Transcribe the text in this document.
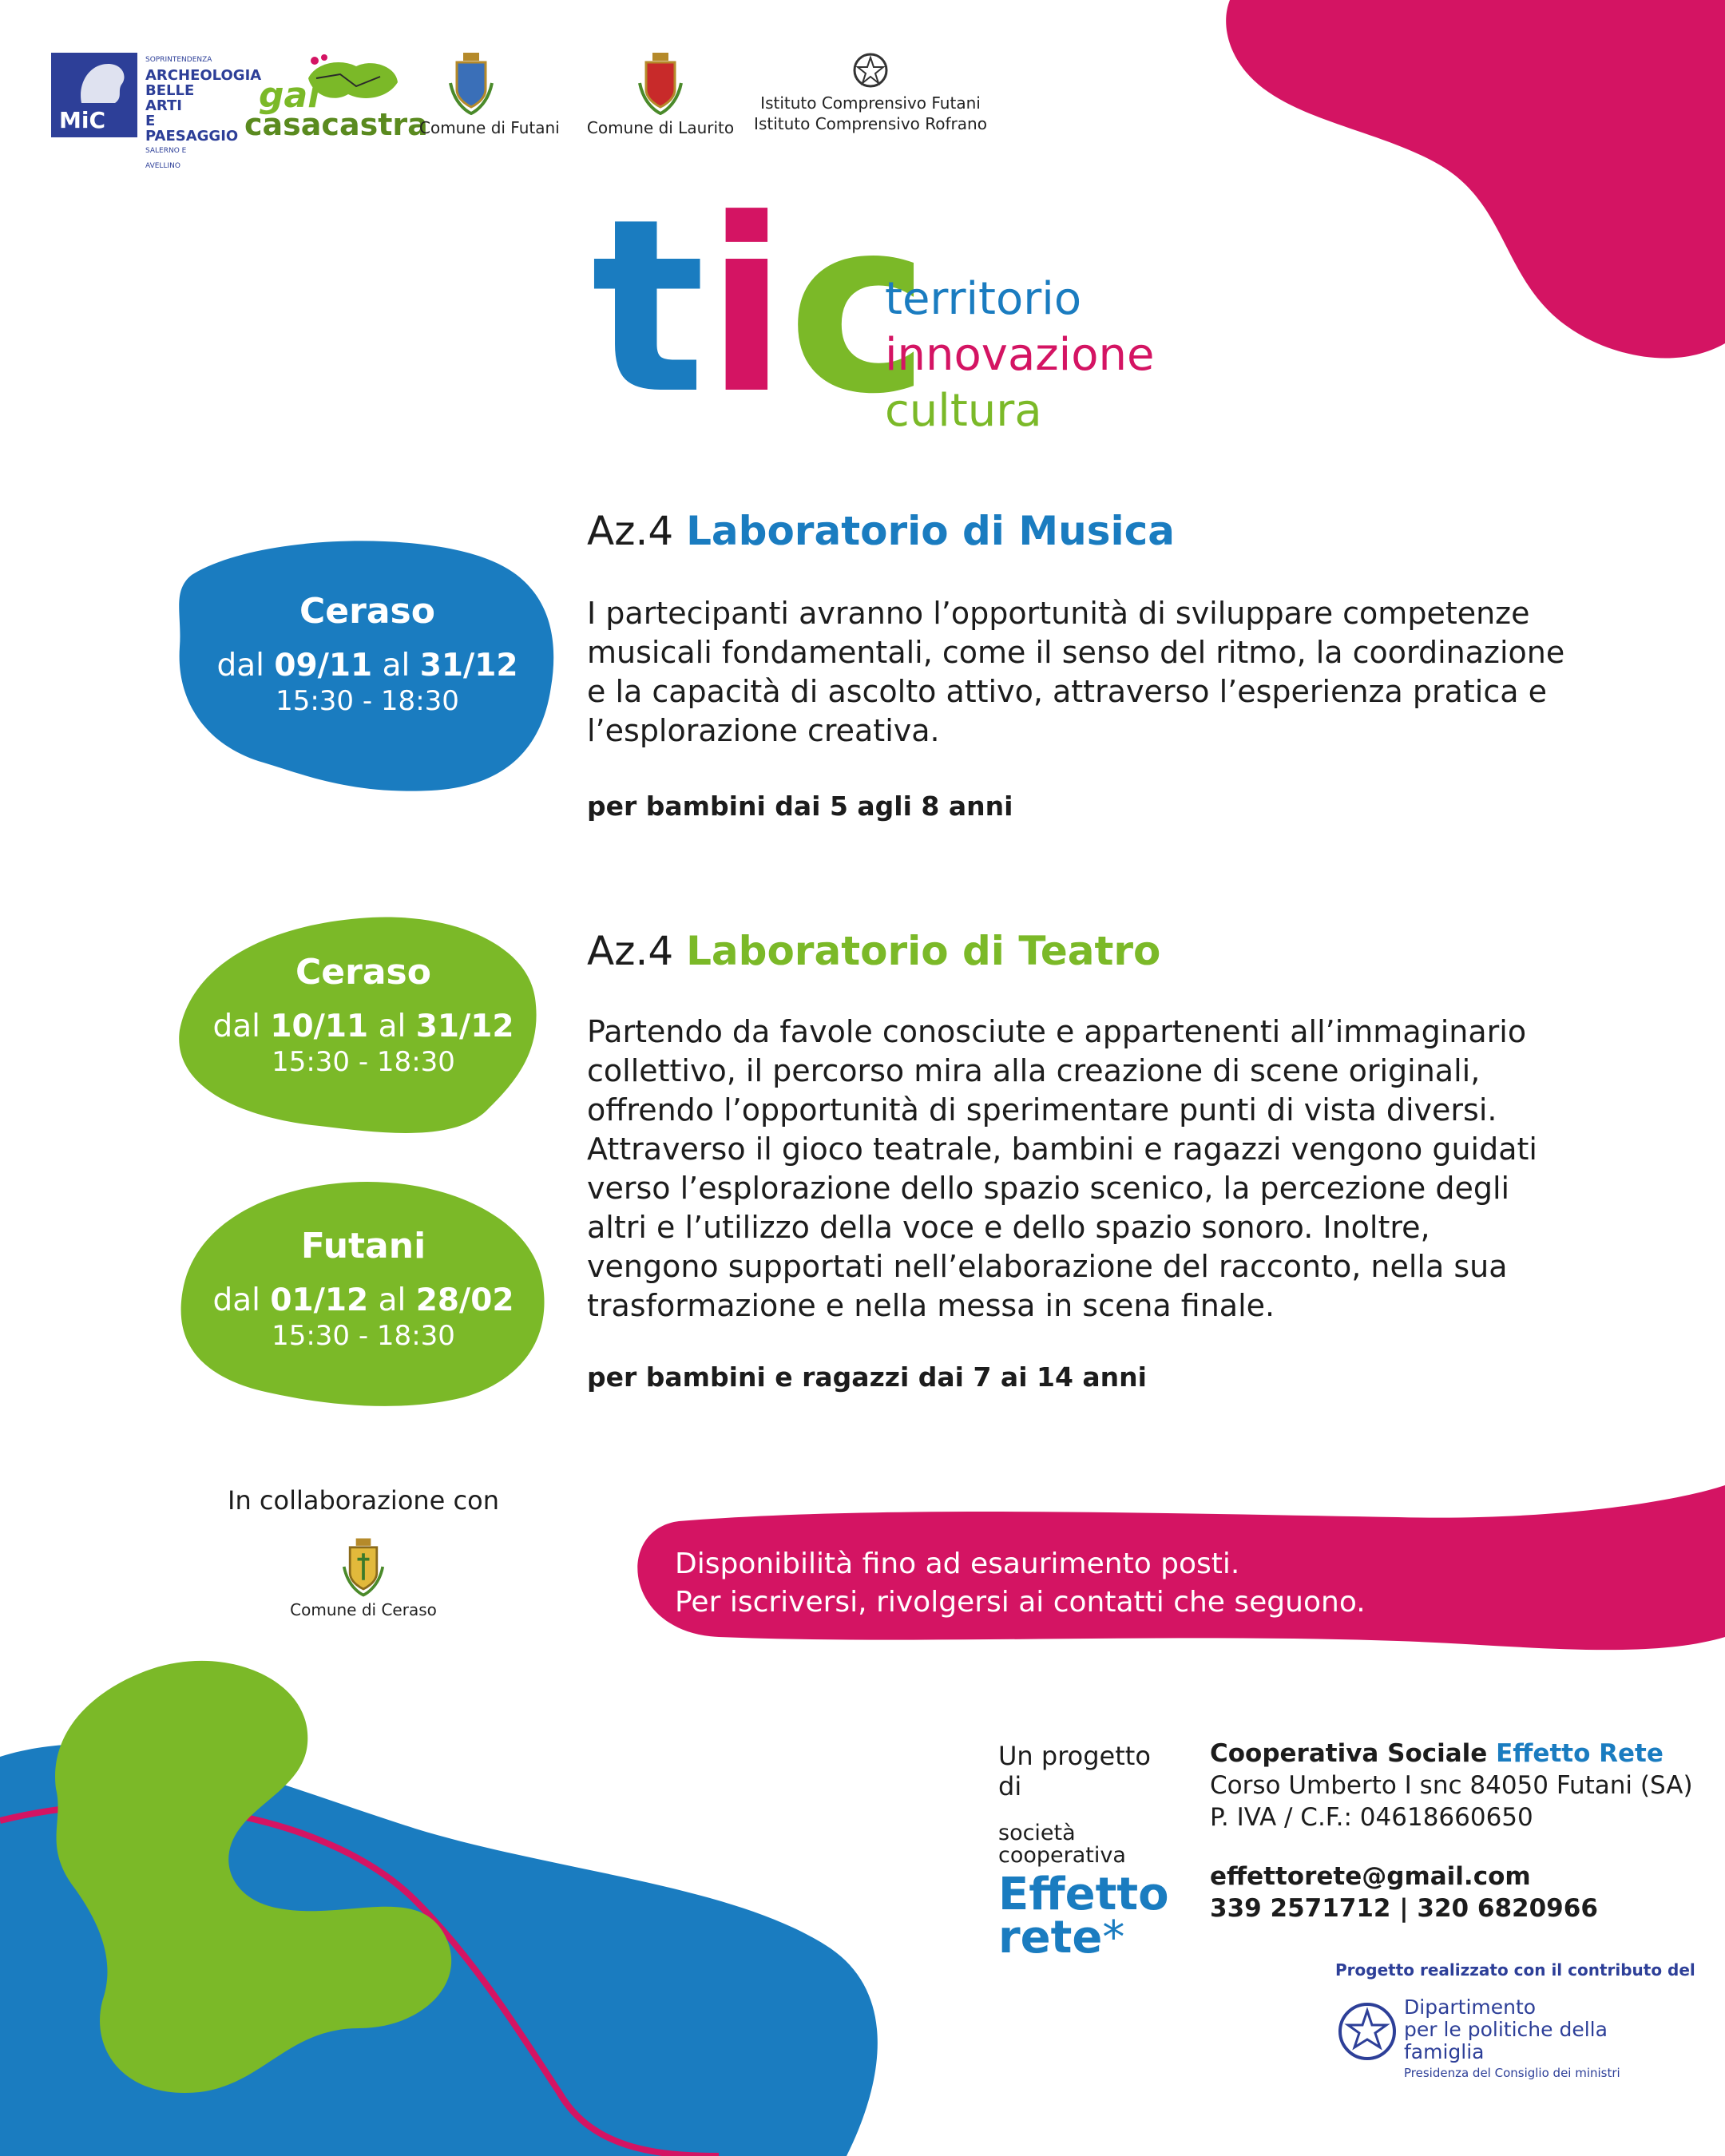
MiC
SOPRINTENDENZA
ARCHEOLOGIA
BELLE ARTI
E PAESAGGIO
SALERNO E AVELLINO
gal
casacastra
Comune di Futani Comune di Laurito
Istituto Comprensivo Futani
Istituto Comprensivo Rofrano
tic
territorio
innovazione
cultura
Ceraso
dal 09/11 al 31/12
15:30 - 18:30
Az.4 Laboratorio di Musica
I partecipanti avranno l’opportunità di sviluppare competenze musicali fondamentali, come il senso del ritmo, la coordinazione e la capacità di ascolto attivo, attraverso l’esperienza pratica e l’esplorazione creativa.
per bambini dai 5 agli 8 anni
Ceraso
dal 10/11 al 31/12
15:30 - 18:30
Futani
dal 01/12 al 28/02
15:30 - 18:30
Az.4 Laboratorio di Teatro
Partendo da favole conosciute e appartenenti all’immaginario collettivo, il percorso mira alla creazione di scene originali, offrendo l’opportunità di sperimentare punti di vista diversi. Attraverso il gioco teatrale, bambini e ragazzi vengono guidati verso l’esplorazione dello spazio scenico, la percezione degli altri e l’utilizzo della voce e dello spazio sonoro. Inoltre, vengono supportati nell’elaborazione del racconto, nella sua trasformazione e nella messa in scena finale.
per bambini e ragazzi dai 7 ai 14 anni
In collaborazione con
Comune di Ceraso
Disponibilità fino ad esaurimento posti.
Per iscriversi, rivolgersi ai contatti che seguono.
Un progetto di
società
cooperativa
Effetto
rete*
Cooperativa Sociale Effetto Rete
Corso Umberto I snc 84050 Futani (SA)
P. IVA / C.F.: 04618660650
effettorete@gmail.com
339 2571712 | 320 6820966
Progetto realizzato con il contributo del
Dipartimento
per le politiche della famiglia
Presidenza del Consiglio dei ministri
